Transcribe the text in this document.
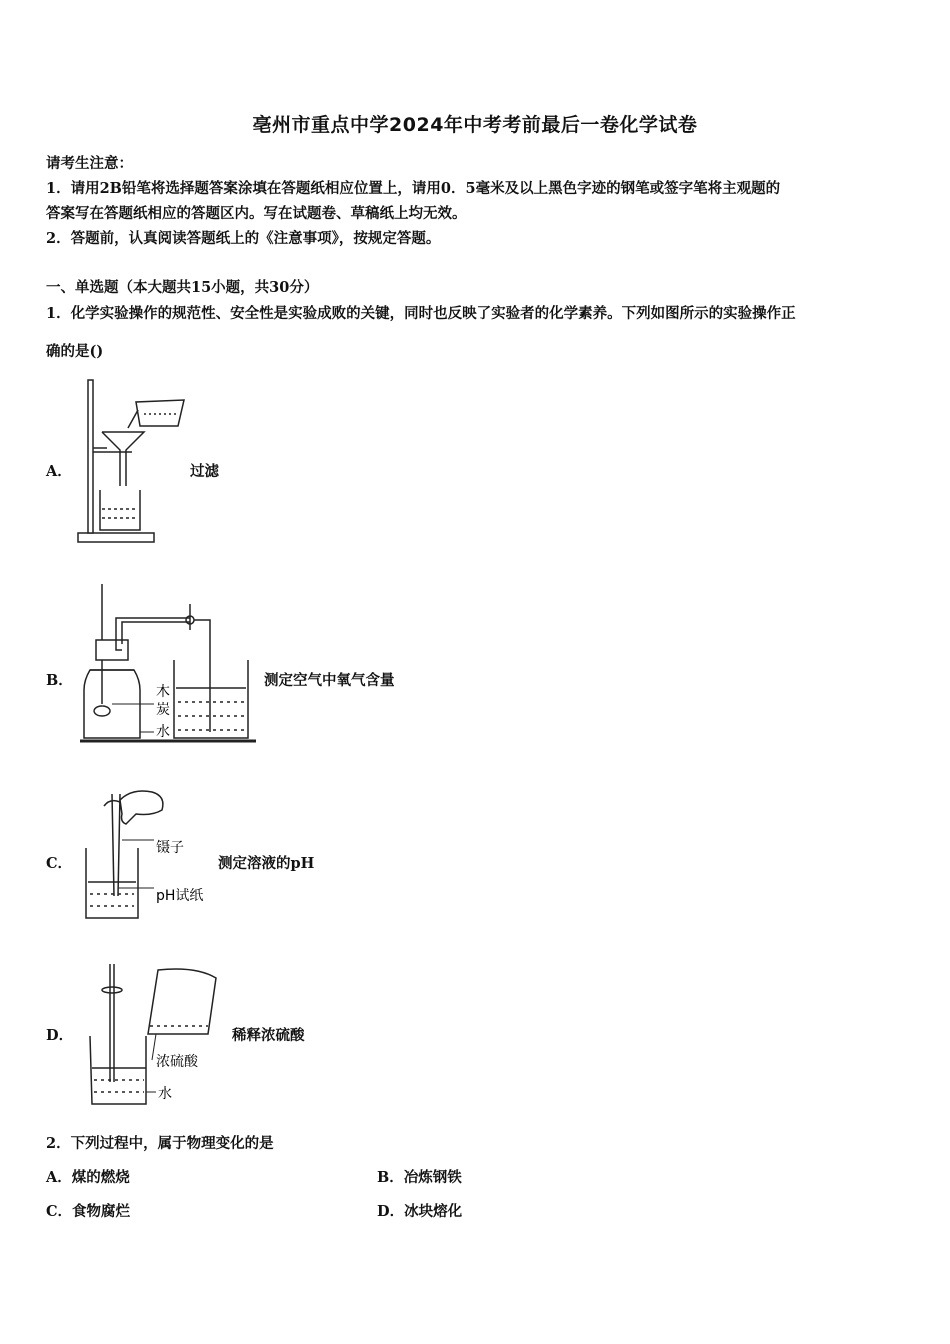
亳州市重点中学2024年中考考前最后一卷化学试卷
请考生注意：
1．请用2B铅笔将选择题答案涂填在答题纸相应位置上，请用0．5毫米及以上黑色字迹的钢笔或签字笔将主观题的
答案写在答题纸相应的答题区内。写在试题卷、草稿纸上均无效。
2．答题前，认真阅读答题纸上的《注意事项》，按规定答题。
一、单选题（本大题共15小题，共30分）
1．化学实验操作的规范性、安全性是实验成败的关键，同时也反映了实验者的化学素养。下列如图所示的实验操作正
确的是()
A．	过滤
B．
木
炭
水
测定空气中氧气含量
C．
镊子
pH试纸
测定溶液的pH
D．
浓硫酸
水
稀释浓硫酸
2．下列过程中，属于物理变化的是
A．煤的燃烧	B．冶炼钢铁
C．食物腐烂	D．冰块熔化
